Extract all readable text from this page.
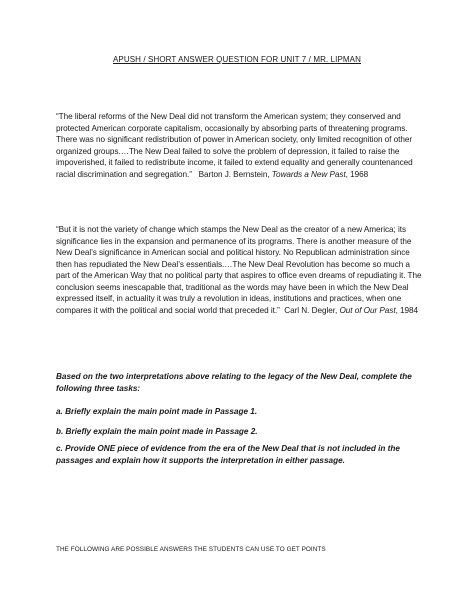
APUSH / SHORT ANSWER QUESTION FOR UNIT 7 / MR. LIPMAN
“The liberal reforms of the New Deal did not transform the American system; they conserved and protected American corporate capitalism, occasionally by absorbing parts of threatening programs. There was no significant redistribution of power in American society, only limited recognition of other organized groups.…The New Deal failed to solve the problem of depression, it failed to raise the impoverished, it failed to redistribute income, it failed to extend equality and generally countenanced racial discrimination and segregation.” Barton J. Bernstein, Towards a New Past, 1968
“But it is not the variety of change which stamps the New Deal as the creator of a new America; its significance lies in the expansion and permanence of its programs. There is another measure of the New Deal’s significance in American social and political history. No Republican administration since then has repudiated the New Deal’s essentials.…The New Deal Revolution has become so much a part of the American Way that no political party that aspires to office even dreams of repudiating it. The conclusion seems inescapable that, traditional as the words may have been in which the New Deal expressed itself, in actuality it was truly a revolution in ideas, institutions and practices, when one compares it with the political and social world that preceded it.” Carl N. Degler, Out of Our Past, 1984
Based on the two interpretations above relating to the legacy of the New Deal, complete the following three tasks:
a. Briefly explain the main point made in Passage 1.
b. Briefly explain the main point made in Passage 2.
c. Provide ONE piece of evidence from the era of the New Deal that is not included in the passages and explain how it supports the interpretation in either passage.
THE FOLLOWING ARE POSSIBLE ANSWERS THE STUDENTS CAN USE TO GET POINTS
